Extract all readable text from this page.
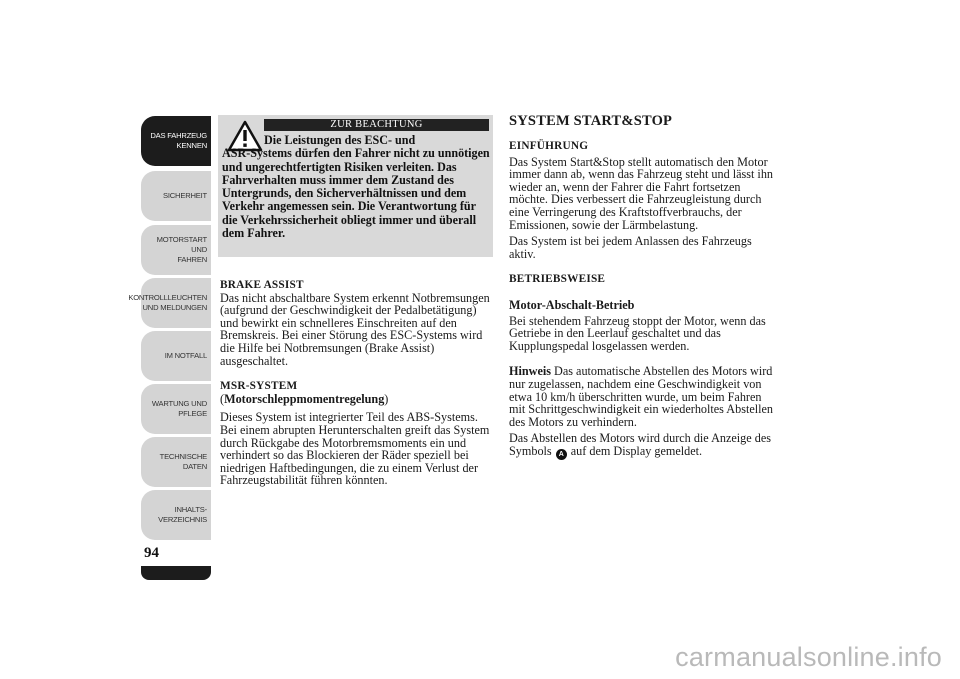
DAS FAHRZEUG
KENNEN
SICHERHEIT
MOTORSTART UND
FAHREN
KONTROLLLEUCHTEN
UND MELDUNGEN
IM NOTFALL
WARTUNG UND
PFLEGE
TECHNISCHE
DATEN
INHALTS-
VERZEICHNIS
94
ZUR BEACHTUNG
Die Leistungen des ESC- und
ASR-Systems dürfen den Fahrer nicht zu unnötigen und ungerechtfertigten Risiken verleiten. Das Fahrverhalten muss immer dem Zustand des Untergrunds, den Sicherverhältnissen und dem Verkehr angemessen sein. Die Verantwortung für die Verkehrssicherheit obliegt immer und überall dem Fahrer.

BRAKE ASSIST

Das nicht abschaltbare System erkennt Notbremsungen (aufgrund der Geschwindigkeit der Pedalbetätigung) und bewirkt ein schnelleres Einschreiten auf den Bremskreis. Bei einer Störung des ESC-Systems wird die Hilfe bei Notbremsungen (Brake Assist) ausgeschaltet.

MSR-SYSTEM

(Motorschleppmomentregelung)

Dieses System ist integrierter Teil des ABS-Systems. Bei einem abrupten Herunterschalten greift das System durch Rückgabe des Motorbremsmoments ein und verhindert so das Blockieren der Räder speziell bei niedrigen Haftbedingungen, die zu einem Verlust der Fahrzeugstabilität führen könnten.

SYSTEM START&STOP

EINFÜHRUNG

Das System Start&Stop stellt automatisch den Motor immer dann ab, wenn das Fahrzeug steht und lässt ihn wieder an, wenn der Fahrer die Fahrt fortsetzen möchte. Dies verbessert die Fahrzeugleistung durch eine Verringerung des Kraftstoffverbrauchs, der Emissionen, sowie der Lärmbelastung.

Das System ist bei jedem Anlassen des Fahrzeugs aktiv.

BETRIEBSWEISE

Motor-Abschalt-Betrieb

Bei stehendem Fahrzeug stoppt der Motor, wenn das Getriebe in den Leerlauf geschaltet und das Kupplungspedal losgelassen werden.

Hinweis Das automatische Abstellen des Motors wird nur zugelassen, nachdem eine Geschwindigkeit von etwa 10 km/h überschritten wurde, um beim Fahren mit Schrittgeschwindigkeit ein wiederholtes Abstellen des Motors zu verhindern.

Das Abstellen des Motors wird durch die Anzeige des Symbols A auf dem Display gemeldet.

carmanualsonline.info
